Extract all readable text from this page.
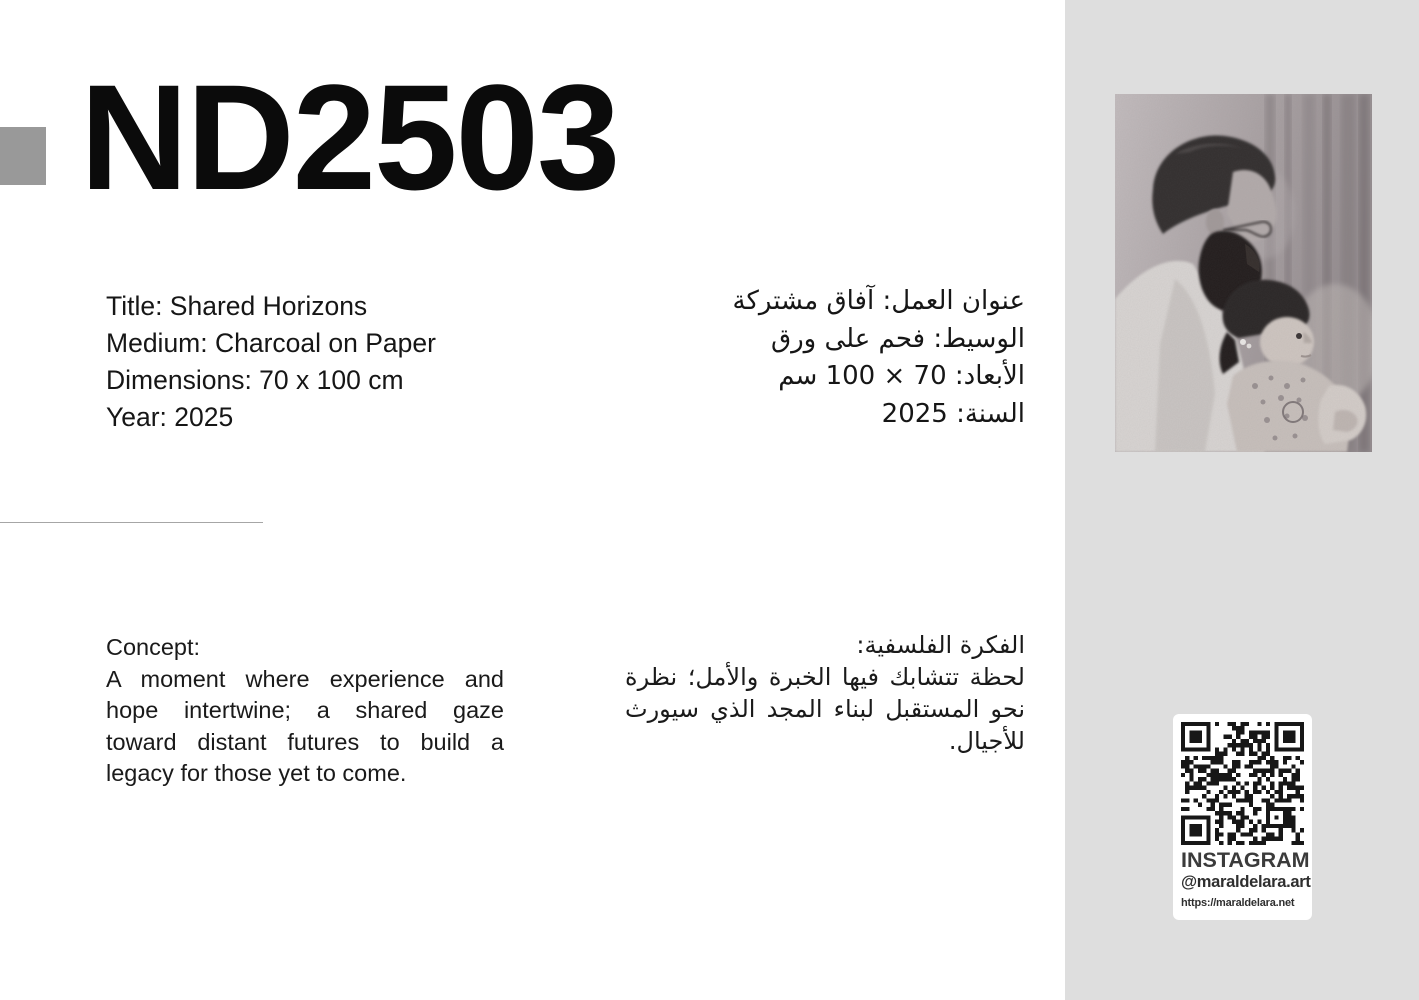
ND2503
Title: Shared Horizons
Medium: Charcoal on Paper
Dimensions: 70 x 100 cm
Year: 2025
عنوان العمل: آفاق مشتركة
الوسيط: فحم على ورق
الأبعاد: 70 × 100 سم
السنة: 2025
Concept:
A moment where experience and hope intertwine; a shared gaze toward distant futures to build a legacy for those yet to come.
الفكرة الفلسفية:
لحظة تتشابك فيها الخبرة والأمل؛ نظرة نحو المستقبل لبناء المجد الذي سيورث للأجيال.
INSTAGRAM
@maraldelara.art
https://maraldelara.net
